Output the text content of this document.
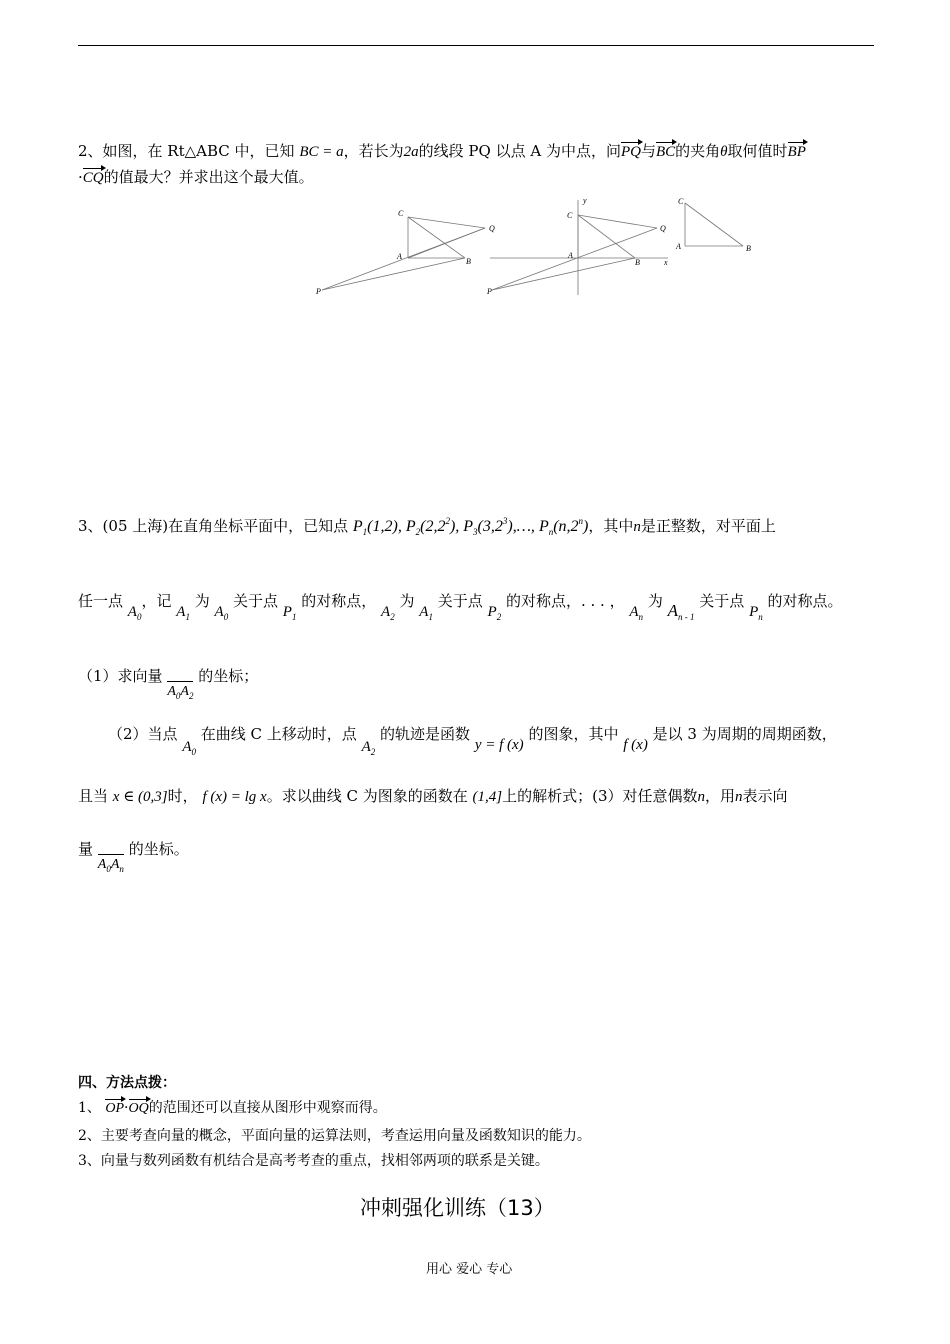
2、如图，在 Rt△ABC 中，已知 BC = a，若长为2a的线段 PQ 以点 A 为中点，问PQ与BC的夹角θ取何值时BP
·CQ的值最大？并求出这个最大值。
C
Q
A
B
P
y
C
Q
A
B	x
P
C
A	B
3、(05 上海)在直角坐标平面中，已知点 $P_1(1,2)$, $P_2(2,2^2)$, $P_3(3,2^3),\dots$, $P_n(n,2^n)$，其中n是正整数，对平面上
任一点 $A_0$，记 $A_1$ 为 $A_0$ 关于点 $P_1$ 的对称点， $A_2$ 为 $A_1$ 关于点 $P_2$ 的对称点，. . . ， $A_n$ 为 $A_{n - 1}$ 关于点 $P_n$ 的对称点。
（1）求向量 $A_0A_2$ 的坐标；
（2）当点 $A_0$ 在曲线 C 上移动时，点 $A_2$ 的轨迹是函数 y = f (x) 的图象，其中 f (x) 是以 3 为周期的周期函数，
且当 x ∈ (0,3]时， f (x) = lg x。求以曲线 C 为图象的函数在 (1,4]上的解析式；(3）对任意偶数n，用n表示向
量 $A_0A_n$ 的坐标。
四、方法点拨：
1、 OP·OQ的范围还可以直接从图形中观察而得。
2、主要考查向量的概念，平面向量的运算法则，考查运用向量及函数知识的能力。
3、向量与数列函数有机结合是高考考查的重点，找相邻两项的联系是关键。
冲刺强化训练（13）
用心 爱心 专心
